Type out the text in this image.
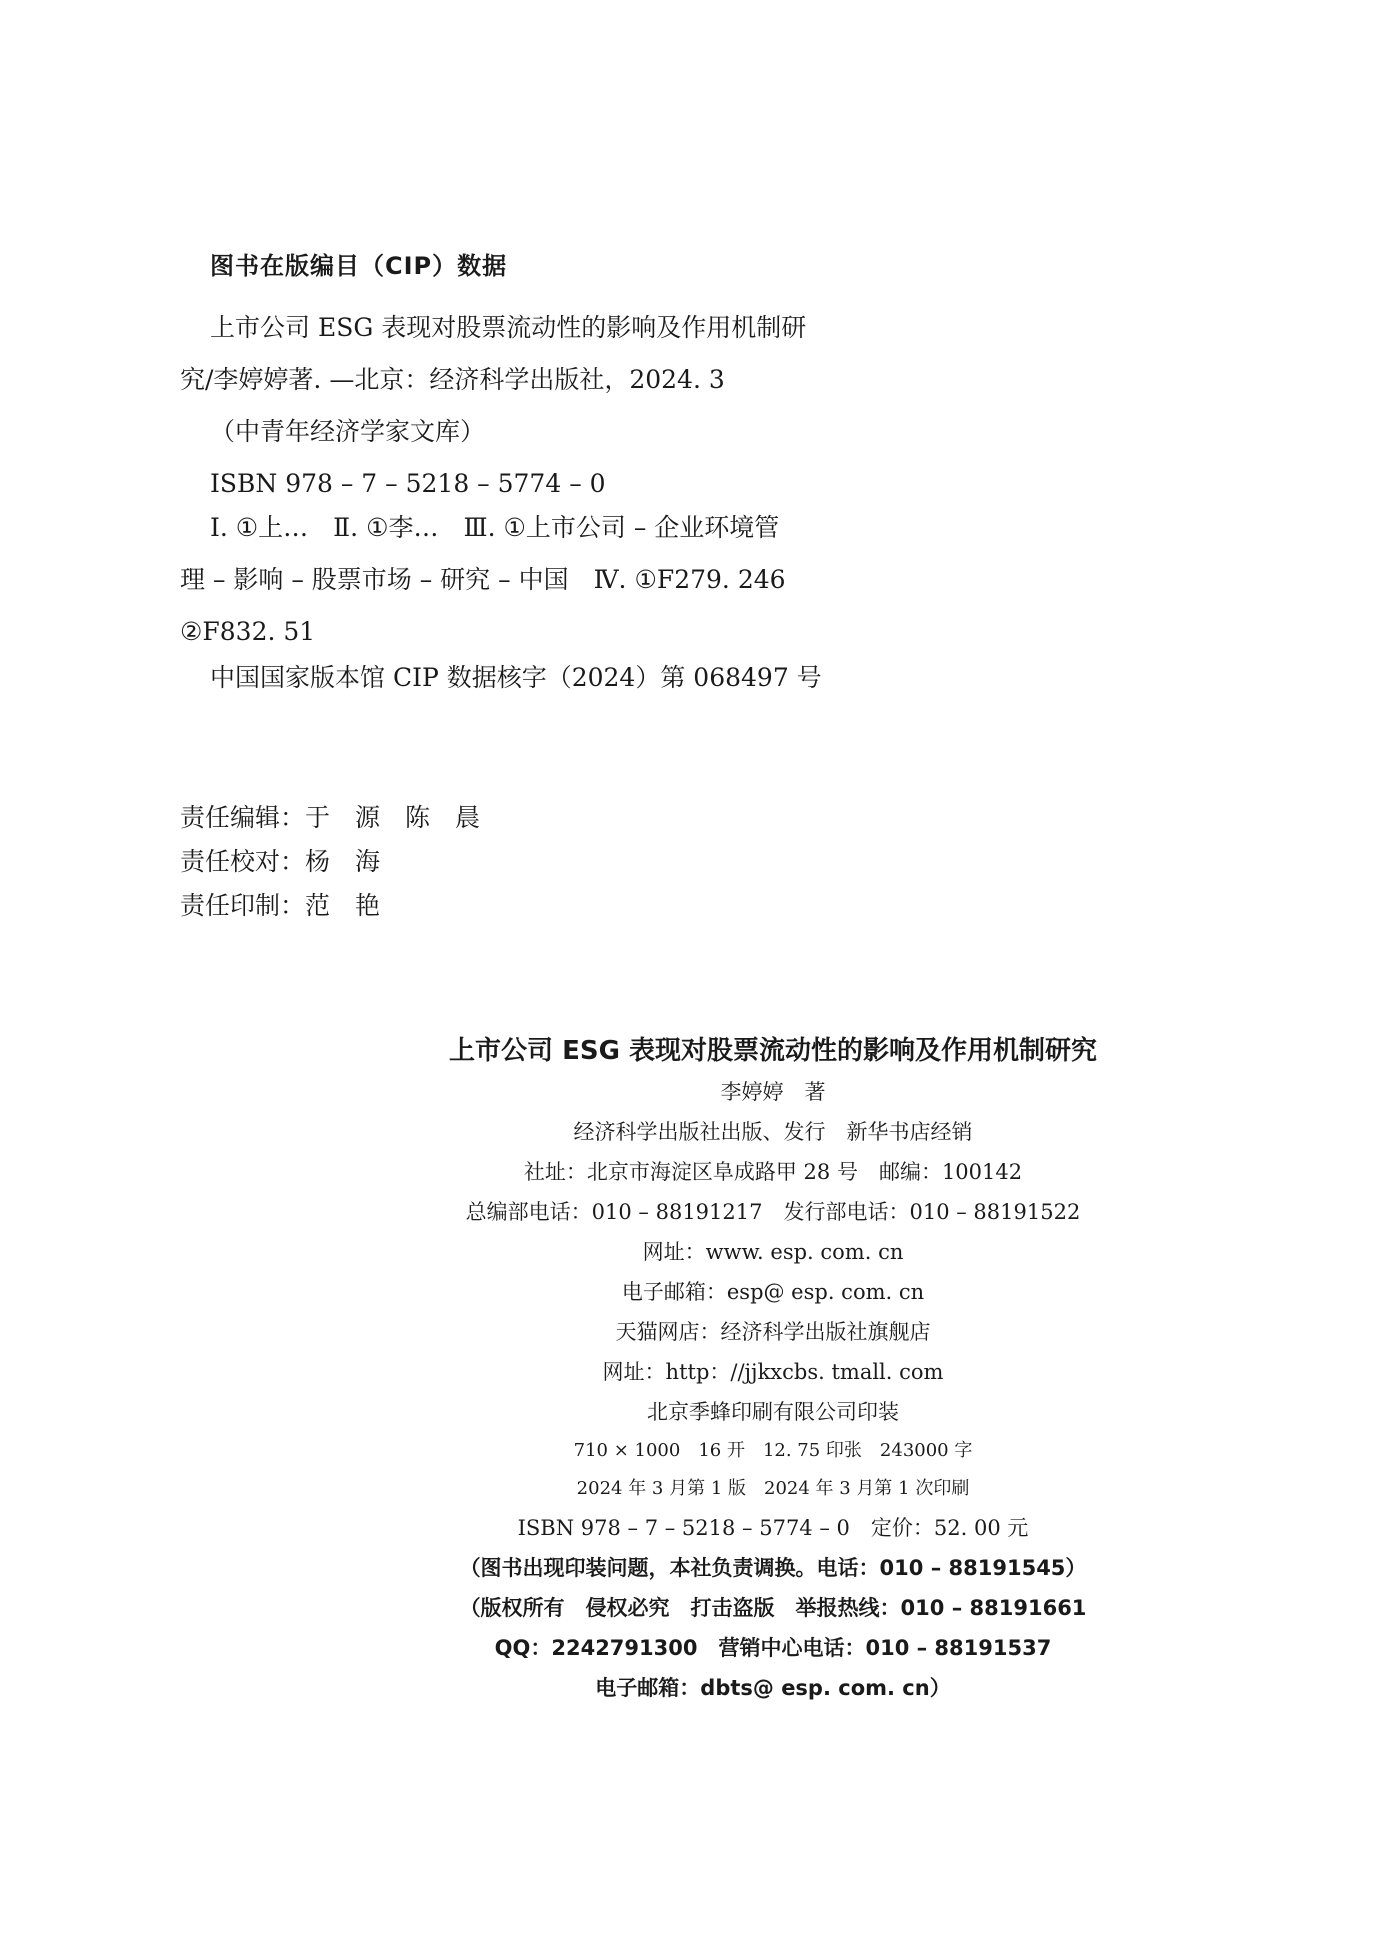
图书在版编目（CIP）数据
上市公司 ESG 表现对股票流动性的影响及作用机制研
究/李婷婷著. —北京：经济科学出版社，2024. 3
（中青年经济学家文库）
ISBN 978 – 7 – 5218 – 5774 – 0
Ⅰ. ①上…　Ⅱ. ①李…　Ⅲ. ①上市公司 – 企业环境管
理 – 影响 – 股票市场 – 研究 – 中国　Ⅳ. ①F279. 246
②F832. 51
中国国家版本馆 CIP 数据核字（2024）第 068497 号
责任编辑：于　源　陈　晨
责任校对：杨　海
责任印制：范　艳
上市公司 ESG 表现对股票流动性的影响及作用机制研究
李婷婷　著
经济科学出版社出版、发行　新华书店经销
社址：北京市海淀区阜成路甲 28 号　邮编：100142
总编部电话：010 – 88191217　发行部电话：010 – 88191522
网址：www. esp. com. cn
电子邮箱：esp@ esp. com. cn
天猫网店：经济科学出版社旗舰店
网址：http：//jjkxcbs. tmall. com
北京季蜂印刷有限公司印装
710 × 1000　16 开　12. 75 印张　243000 字
2024 年 3 月第 1 版　2024 年 3 月第 1 次印刷
ISBN 978 – 7 – 5218 – 5774 – 0　定价：52. 00 元
（图书出现印装问题，本社负责调换。电话：010 – 88191545）
（版权所有　侵权必究　打击盗版　举报热线：010 – 88191661
QQ：2242791300　营销中心电话：010 – 88191537
电子邮箱：dbts@ esp. com. cn）
